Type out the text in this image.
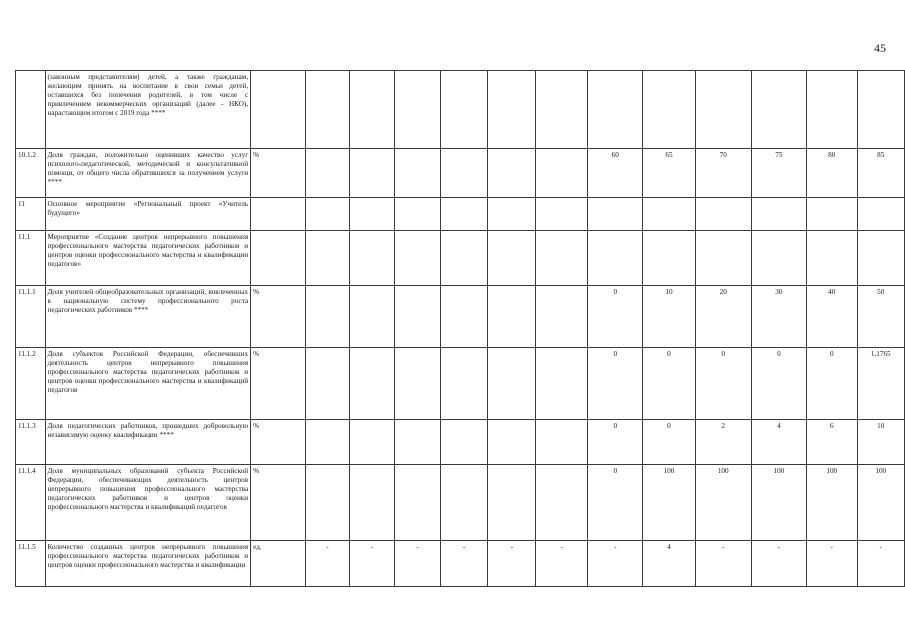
45
	(законным представителям) детей, а также гражданам, желающим принять на воспитание в свои семьи детей, оставшихся без попечения родителей, в том числе с привлечением некоммерческих организаций (далее - НКО), нарастающим итогом с 2019 года ****													
10.1.2	Доля граждан, положительно оценивших качество услуг психолого-педагогической, методической и консультативной помощи, от общего числа обратившихся за получением услуги ****	%							60	65	70	75	80	85
11	Основное мероприятие «Региональный проект «Учитель будущего»													
11.1	Мероприятие «Создание центров непрерывного повышения профессионального мастерства педагогических работников и центров оценки профессионального мастерства и квалификации педагогов»													
11.1.1	Доля учителей общеобразовательных организаций, вовлеченных в национальную систему профессионального роста педагогических работников ****	%							0	10	20	30	40	50
11.1.2	Доля субъектов Российской Федерации, обеспечивших деятельность центров непрерывного повышения профессионального мастерства педагогических работников и центров оценки профессионального мастерства и квалификаций педагогов	%							0	0	0	0	0	1,1765
11.1.3	Доля педагогических работников, прошедших добровольную независимую оценку квалификации ****	%							0	0	2	4	6	10
11.1.4	Доля муниципальных образований субъекта Российской Федерации, обеспечивающих деятельность центров непрерывного повышения профессионального мастерства педагогических работников и центров оценки профессионального мастерства и квалификаций педагогов	%							0	100	100	100	100	100
11.1.5	Количество созданных центров непрерывного повышения профессионального мастерства педагогических работников и центров оценки профессионального мастерства и квалификации	ед.	-	-	-	-	-	-	-	4	-	-	-	-
